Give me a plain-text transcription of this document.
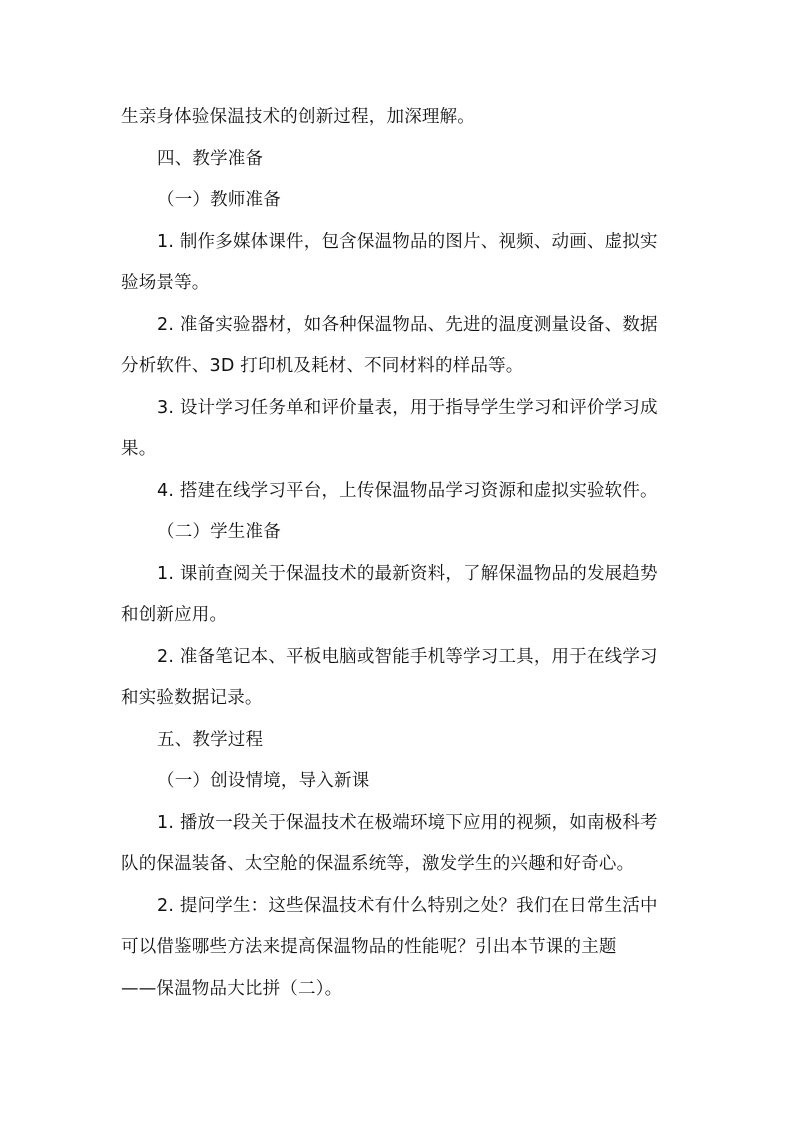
生亲身体验保温技术的创新过程，加深理解。
四、教学准备
（一）教师准备
1. 制作多媒体课件，包含保温物品的图片、视频、动画、虚拟实
验场景等。
2. 准备实验器材，如各种保温物品、先进的温度测量设备、数据
分析软件、3D 打印机及耗材、不同材料的样品等。
3. 设计学习任务单和评价量表，用于指导学生学习和评价学习成
果。
4. 搭建在线学习平台，上传保温物品学习资源和虚拟实验软件。
（二）学生准备
1. 课前查阅关于保温技术的最新资料，了解保温物品的发展趋势
和创新应用。
2. 准备笔记本、平板电脑或智能手机等学习工具，用于在线学习
和实验数据记录。
五、教学过程
（一）创设情境，导入新课
1. 播放一段关于保温技术在极端环境下应用的视频，如南极科考
队的保温装备、太空舱的保温系统等，激发学生的兴趣和好奇心。
2. 提问学生：这些保温技术有什么特别之处？我们在日常生活中
可以借鉴哪些方法来提高保温物品的性能呢？引出本节课的主题
——保温物品大比拼（二）。
